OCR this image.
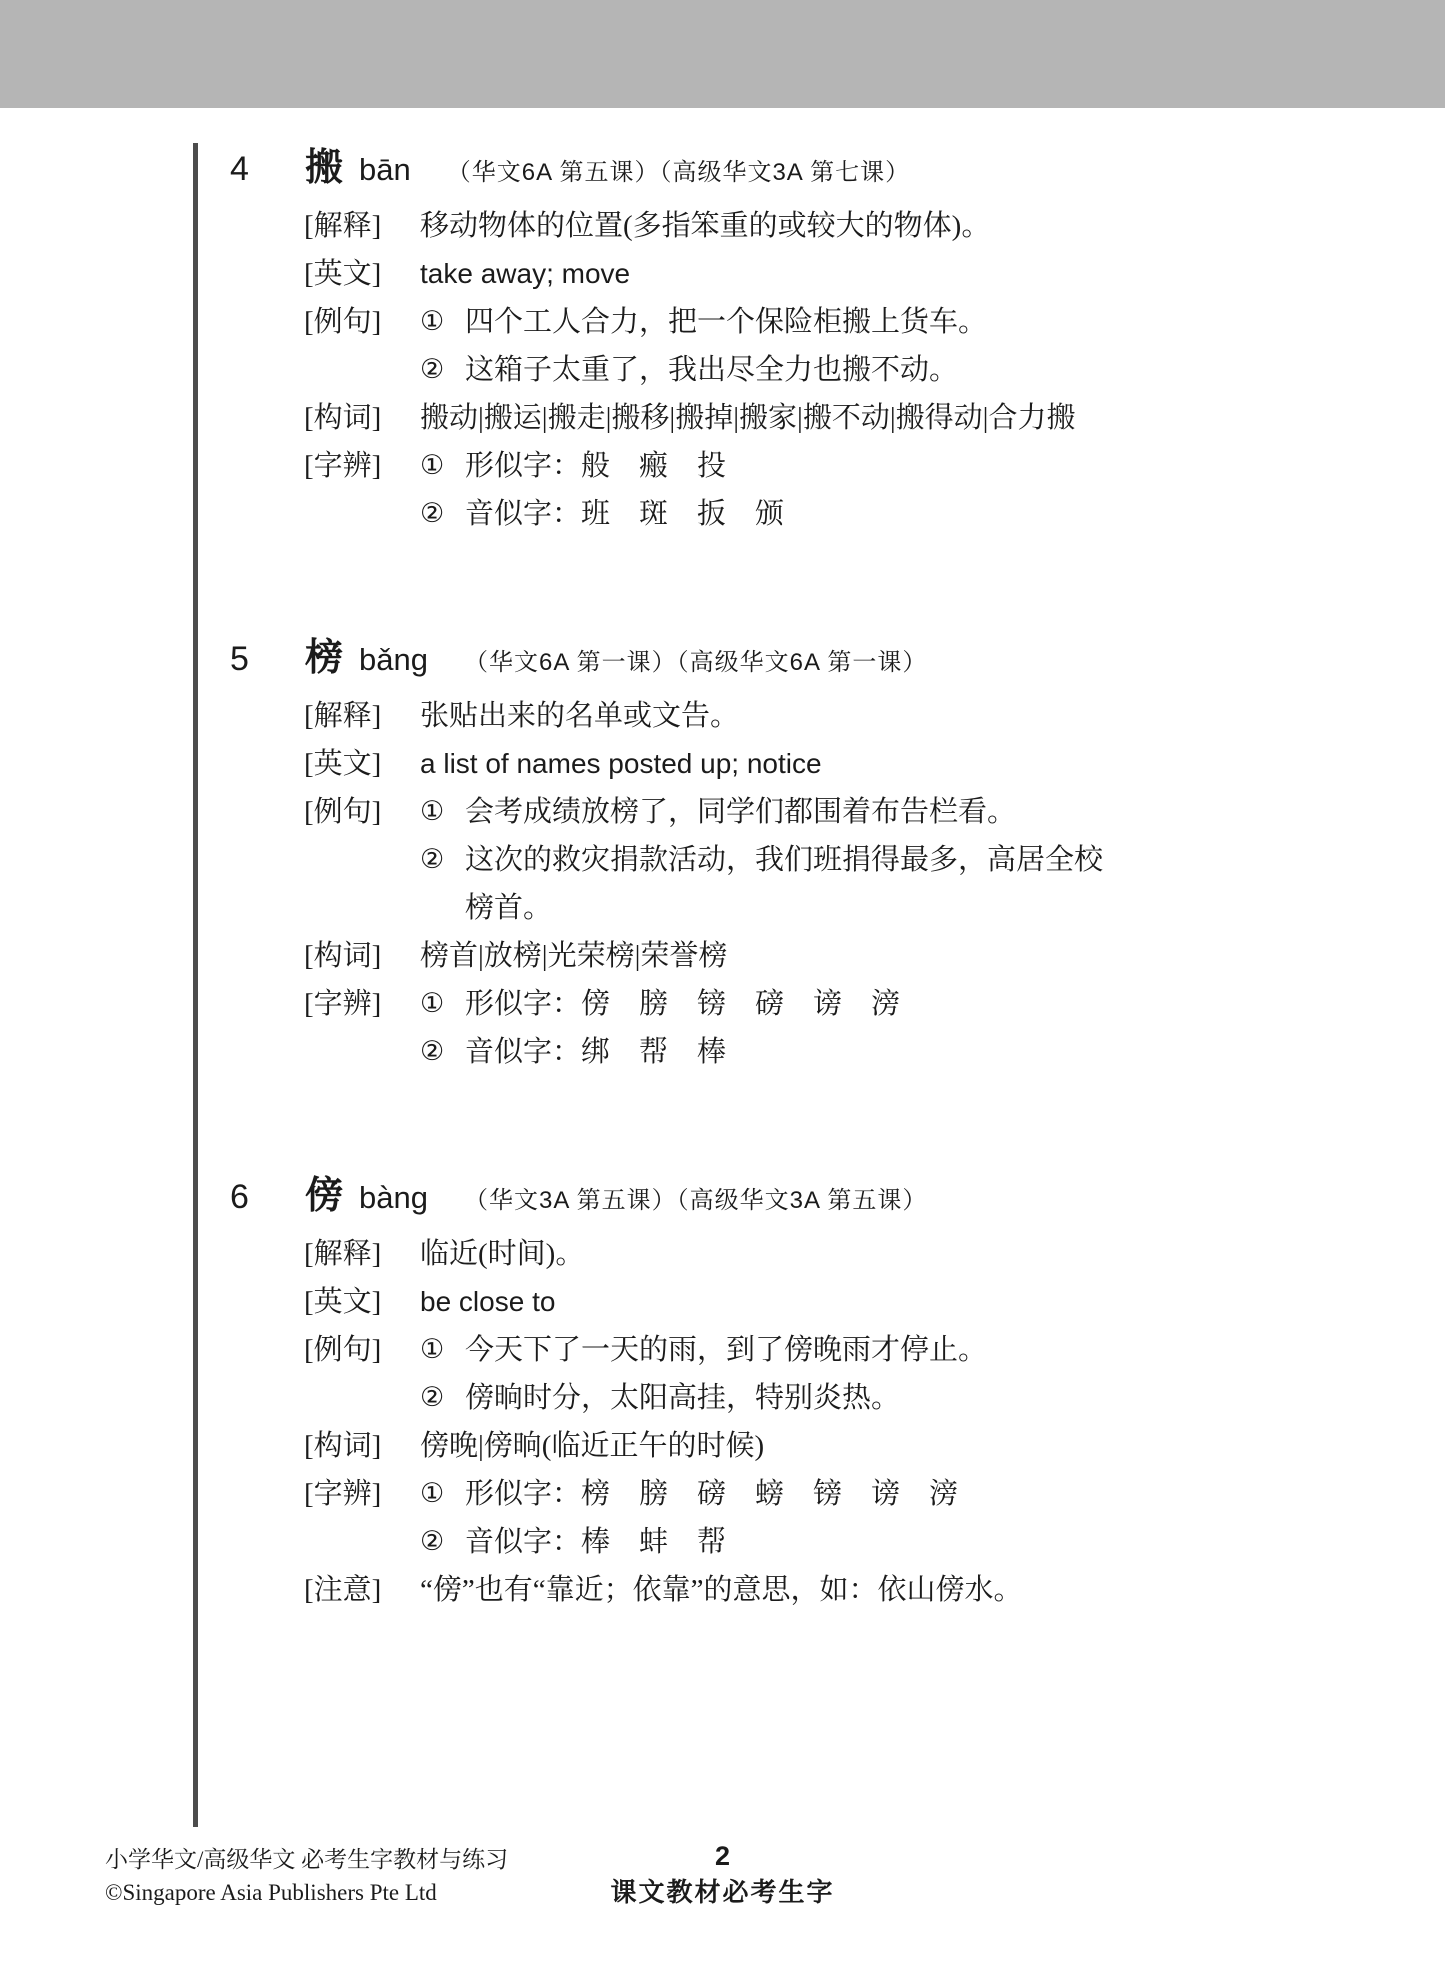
4	搬 bān （华文6A 第五课）（高级华文3A 第七课）
[解释]	移动物体的位置(多指笨重的或较大的物体)。
[英文]	take away; move
[例句]	① 四个工人合力，把一个保险柜搬上货车。
② 这箱子太重了，我出尽全力也搬不动。
[构词]	搬动|搬运|搬走|搬移|搬掉|搬家|搬不动|搬得动|合力搬
[字辨]	① 形似字：般　瘢　投
② 音似字：班　斑　扳　颁
5	榜 bǎng （华文6A 第一课）（高级华文6A 第一课）
[解释]	张贴出来的名单或文告。
[英文]	a list of names posted up; notice
[例句]	① 会考成绩放榜了，同学们都围着布告栏看。
② 这次的救灾捐款活动，我们班捐得最多，高居全校榜首。
[构词]	榜首|放榜|光荣榜|荣誉榜
[字辨]	① 形似字：傍　膀　镑　磅　谤　滂
② 音似字：绑　帮　棒
6	傍 bàng （华文3A 第五课）（高级华文3A 第五课）
[解释]	临近(时间)。
[英文]	be close to
[例句]	① 今天下了一天的雨，到了傍晚雨才停止。
② 傍晌时分，太阳高挂，特别炎热。
[构词]	傍晚|傍晌(临近正午的时候)
[字辨]	① 形似字：榜　膀　磅　螃　镑　谤　滂
② 音似字：棒　蚌　帮
[注意]	“傍”也有“靠近；依靠”的意思，如：依山傍水。
小学华文/高级华文 必考生字教材与练习
©Singapore Asia Publishers Pte Ltd
2
课文教材必考生字
